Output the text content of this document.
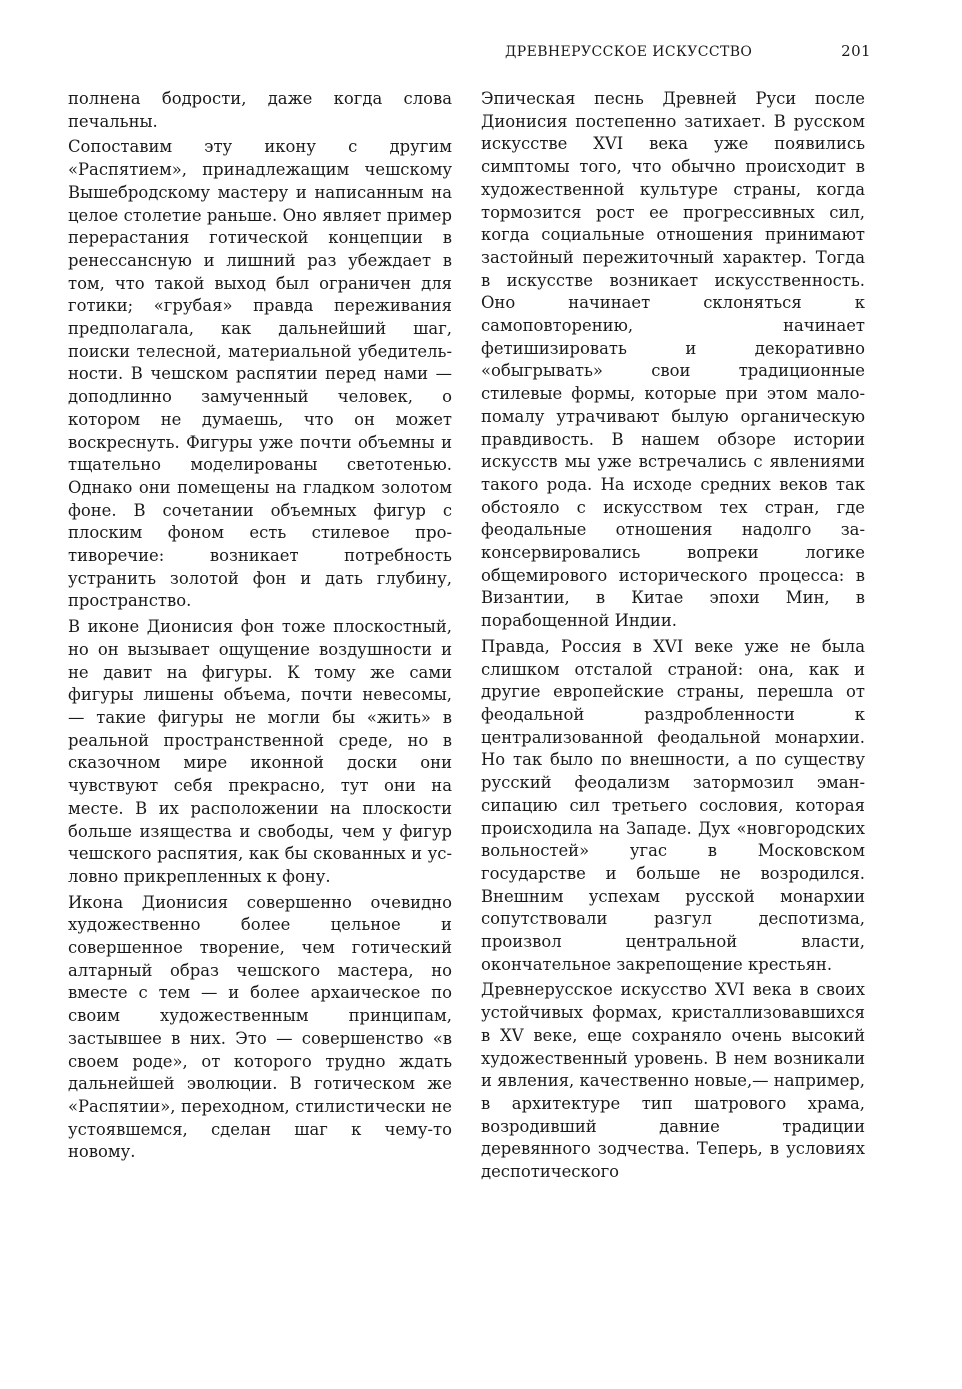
ДРЕВНЕРУССКОЕ ИСКУССТВО	201

полнена бодрости, даже когда слова печальны.

Сопоставим эту икону с другим «Распятием», принадлежащим чешскому Вышебродскому мастеру и написанным на целое столетие раньше. Оно являет пример перерастания готической концепции в ренессансную и лишний раз убеждает в том, что такой выход был ограничен для готики; «грубая» правда переживания предполагала, как дальнейший шаг, поиски телесной, материальной убедительности. В чешском распятии перед нами — доподлинно замученный человек, о котором не думаешь, что он может воскреснуть. Фигуры уже почти объемны и тщательно моделированы светотенью. Однако они помещены на гладком золотом фоне. В сочетании объемных фигур с плоским фоном есть стилевое противоречие: возникает потребность устранить золотой фон и дать глубину, пространство.

В иконе Дионисия фон тоже плоскостный, но он вызывает ощущение воздушности и не давит на фигуры. К тому же сами фигуры лишены объема, почти невесомы, — такие фигуры не могли бы «жить» в реальной пространственной среде, но в сказочном мире иконной доски они чувствуют себя прекрасно, тут они на месте. В их расположении на плоскости больше изящества и свободы, чем у фигур чешского распятия, как бы скованных и условно прикрепленных к фону.

Икона Дионисия совершенно очевидно художественно более цельное и совершенное творение, чем готический алтарный образ чешского мастера, но вместе с тем — и более архаическое по своим художественным принципам, застывшее в них. Это — совершенство «в своем роде», от которого трудно ждать дальнейшей эволюции. В готическом же «Распятии», переходном, стилистически не устоявшемся, сделан шаг к чему-то новому.

Эпическая песнь Древней Руси после Дионисия постепенно затихает. В русском искусстве XVI века уже появились симптомы того, что обычно происходит в художественной культуре страны, когда тормозится рост ее прогрессивных сил, когда социальные отношения принимают застойный пережиточный характер. Тогда в искусстве возникает искусственность. Оно начинает склоняться к самоповторению, начинает фетишизировать и декоративно «обыгрывать» свои традиционные стилевые формы, которые при этом мало-помалу утрачивают былую органическую правдивость. В нашем обзоре истории искусств мы уже встречались с явлениями такого рода. На исходе средних веков так обстояло с искусством тех стран, где феодальные отношения надолго законсервировались вопреки логике общемирового исторического процесса: в Византии, в Китае эпохи Мин, в порабощенной Индии.

Правда, Россия в XVI веке уже не была слишком отсталой страной: она, как и другие европейские страны, перешла от феодальной раздробленности к централизованной феодальной монархии. Но так было по внешности, а по существу русский феодализм затормозил эмансипацию сил третьего сословия, которая происходила на Западе. Дух «новгородских вольностей» угас в Московском государстве и больше не возродился. Внешним успехам русской монархии сопутствовали разгул деспотизма, произвол центральной власти, окончательное закрепощение крестьян.

Древнерусское искусство XVI века в своих устойчивых формах, кристаллизовавшихся в XV веке, еще сохраняло очень высокий художественный уровень. В нем возникали и явления, качественно новые,— например, в архитектуре тип шатрового храма, возродивший давние традиции деревянного зодчества. Теперь, в условиях деспотического
